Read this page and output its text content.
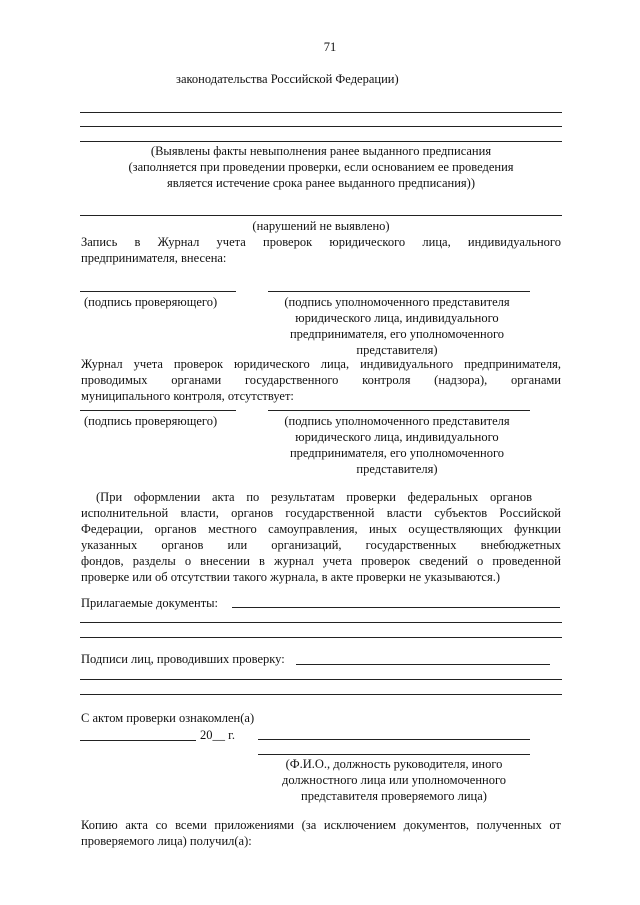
71
законодательства Российской Федерации)
(Выявлены факты невыполнения ранее выданного предписания
(заполняется при проведении проверки, если основанием ее проведения
является истечение срока ранее выданного предписания))
(нарушений не выявлено)
Запись в Журнал учета проверок юридического лица, индивидуального
предпринимателя, внесена:
(подпись проверяющего)	(подпись уполномоченного представителя
юридического лица, индивидуального
предпринимателя, его уполномоченного
представителя)
Журнал учета проверок юридического лица, индивидуального предпринимателя,
проводимых органами государственного контроля (надзора), органами
муниципального контроля, отсутствует:
(подпись проверяющего)	(подпись уполномоченного представителя
юридического лица, индивидуального
предпринимателя, его уполномоченного
представителя)
(При оформлении акта по результатам проверки федеральных органов
исполнительной власти, органов государственной власти субъектов Российской
Федерации, органов местного самоуправления, иных осуществляющих функции
указанных органов или организаций, государственных внебюджетных
фондов, разделы о внесении в журнал учета проверок сведений о проведенной
проверке или об отсутствии такого журнала, в акте проверки не указываются.)
Прилагаемые документы:
Подписи лиц, проводивших проверку:
С актом проверки ознакомлен(а)
20__ г.
(Ф.И.О., должность руководителя, иного
должностного лица или уполномоченного
представителя проверяемого лица)
Копию акта со всеми приложениями (за исключением документов, полученных от
проверяемого лица) получил(а):
